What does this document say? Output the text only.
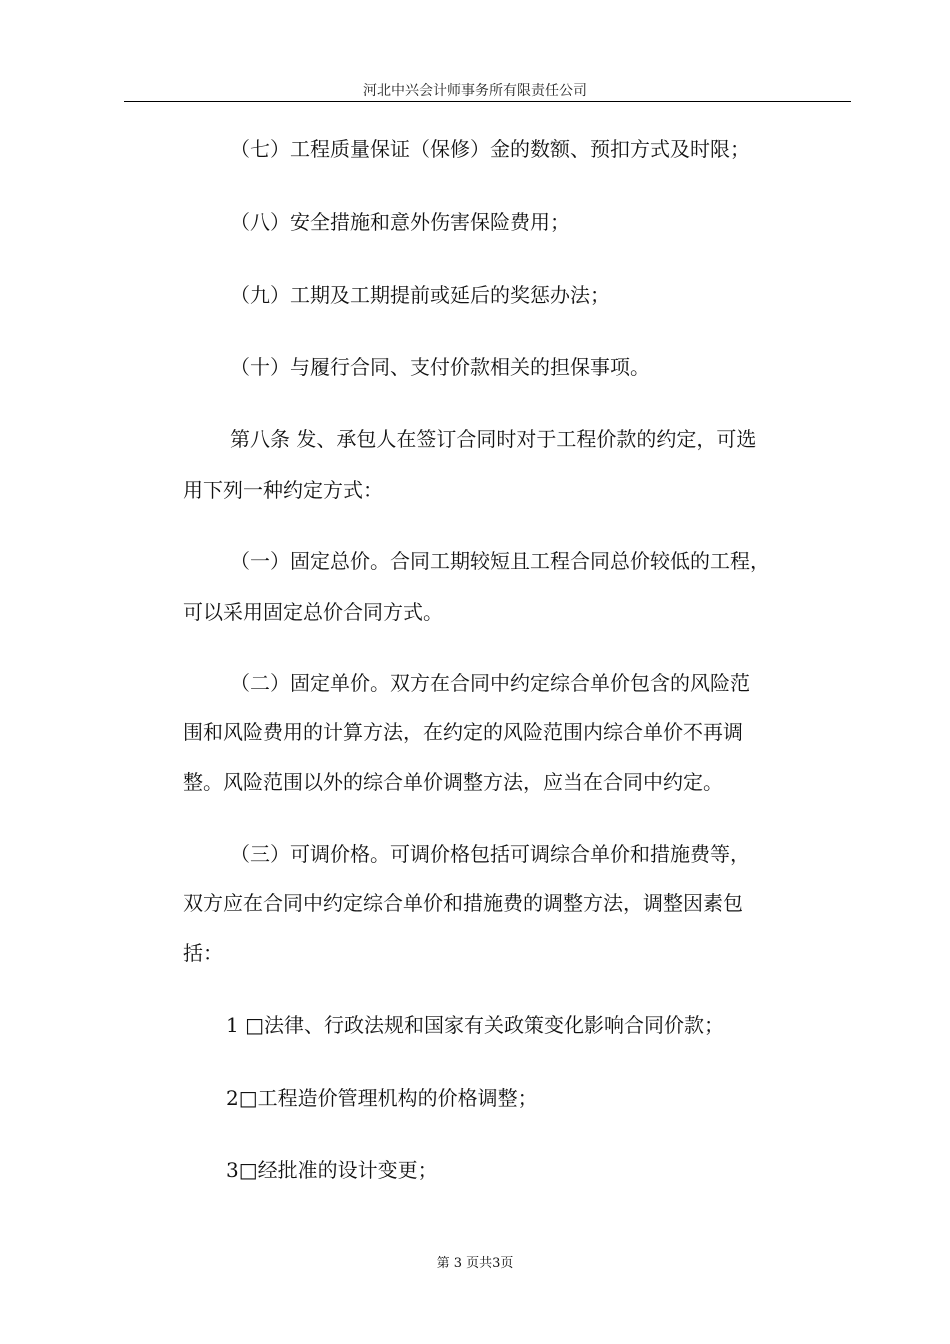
河北中兴会计师事务所有限责任公司
（七）工程质量保证（保修）金的数额、预扣方式及时限；
（八）安全措施和意外伤害保险费用；
（九）工期及工期提前或延后的奖惩办法；
（十）与履行合同、支付价款相关的担保事项。
第八条 发、承包人在签订合同时对于工程价款的约定，可选
用下列一种约定方式：
（一）固定总价。合同工期较短且工程合同总价较低的工程，
可以采用固定总价合同方式。
（二）固定单价。双方在合同中约定综合单价包含的风险范
围和风险费用的计算方法，在约定的风险范围内综合单价不再调
整。风险范围以外的综合单价调整方法，应当在合同中约定。
（三）可调价格。可调价格包括可调综合单价和措施费等，
双方应在合同中约定综合单价和措施费的调整方法，调整因素包
括：
1 □法律、行政法规和国家有关政策变化影响合同价款；
2□工程造价管理机构的价格调整；
3□经批准的设计变更；
第 3 页共3页
